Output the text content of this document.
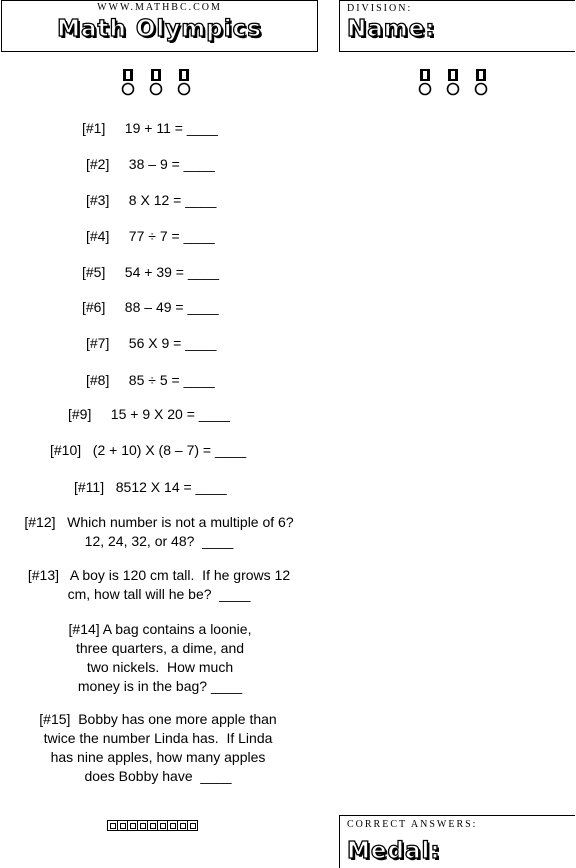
WWW.MATHBC.COM
Math Olympics
DIVISION:
Name:
[#1]     19 + 11 = ____
[#2]     38 – 9 = ____
[#3]     8 X 12 = ____
[#4]     77 ÷ 7 = ____
[#5]     54 + 39 = ____
[#6]     88 – 49 = ____
[#7]     56 X 9 = ____
[#8]     85 ÷ 5 = ____
[#9]     15 + 9 X 20 = ____
[#10]   (2 + 10) X (8 – 7) = ____
[#11]   8512 X 14 = ____
[#12]   Which number is not a multiple of 6?
12, 24, 32, or 48?  ____
[#13]   A boy is 120 cm tall.  If he grows 12
cm, how tall will he be?  ____
[#14] A bag contains a loonie,
three quarters, a dime, and
two nickels.  How much
money is in the bag? ____
[#15]  Bobby has one more apple than
twice the number Linda has.  If Linda
has nine apples, how many apples
does Bobby have  ____
CORRECT ANSWERS:
Medal:
